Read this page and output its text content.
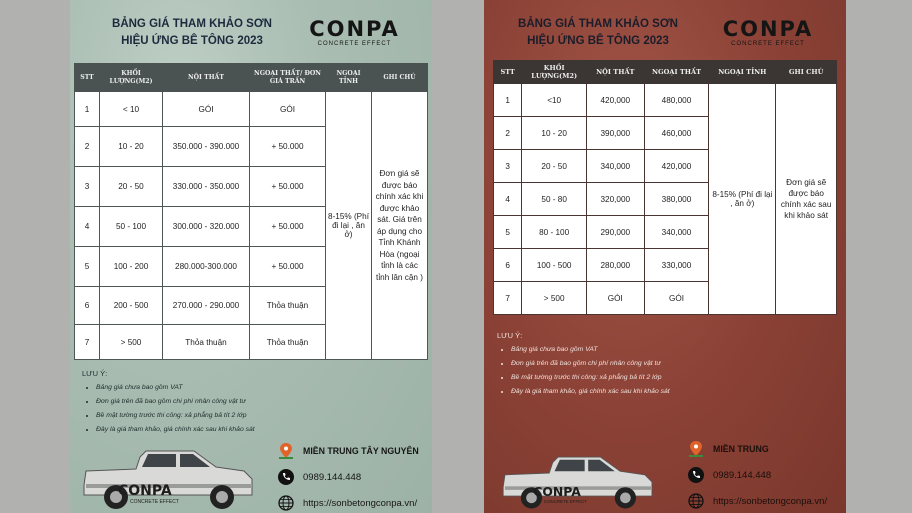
BẢNG GIÁ THAM KHẢO SƠN
HIỆU ỨNG BÊ TÔNG 2023	CONPA
CONCRETE EFFECT
STT	KHỐI LƯỢNG(M2)	NỘI THẤT	NGOẠI THẤT/ ĐƠN GIÁ TRẦN	NGOẠI TỈNH	GHI CHÚ
1	< 10	GÓI	GÓI	8-15% (Phí đi lại , ăn ở)	Đơn giá sẽ được báo chính xác khi được khảo sát. Giá trên áp dụng cho Tỉnh Khánh Hòa (ngoại tỉnh là các tỉnh lân cận )
2	10 - 20	350.000 - 390.000	+ 50.000		
3	20 - 50	330.000 - 350.000	+ 50.000		
4	50 - 100	300.000 - 320.000	+ 50.000		
5	100 - 200	280.000-300.000	+ 50.000		
6	200 - 500	270.000 - 290.000	Thỏa thuận		
7	> 500	Thỏa thuận	Thỏa thuận		
LƯU Ý:
• Bảng giá chưa bao gồm VAT
• Đơn giá trên đã bao gồm chi phí nhân công vật tư
• Bề mặt tường trước thi công: xả phẳng bả tít 2 lớp
• Đây là giá tham khảo, giá chính xác sau khi khảo sát
CONPA
CONCRETE EFFECT
MIỀN TRUNG TÂY NGUYÊN
0989.144.448
https://sonbetongconpa.vn/
BẢNG GIÁ THAM KHẢO SƠN
HIỆU ỨNG BÊ TÔNG 2023	CONPA
CONCRETE EFFECT
STT	KHỐI LƯỢNG(M2)	NỘI THẤT	NGOẠI THẤT	NGOẠI TỈNH	GHI CHÚ
1	<10	420,000	480,000	8-15% (Phí đi lại , ăn ở)	Đơn giá sẽ được báo chính xác sau khi khảo sát
2	10 - 20	390,000	460,000		
3	20 - 50	340,000	420,000		
4	50 - 80	320,000	380,000		
5	80 - 100	290,000	340,000		
6	100 - 500	280,000	330,000		
7	> 500	GÓI	GÓI		
LƯU Ý:
• Bảng giá chưa bao gồm VAT
• Đơn giá trên đã bao gồm chi phí nhân công vật tư
• Bề mặt tường trước thi công: xả phẳng bả tít 2 lớp
• Đây là giá tham khảo, giá chính xác sau khi khảo sát
CONPA
CONCRETE EFFECT
MIỀN TRUNG
0989.144.448
https://sonbetongconpa.vn/
